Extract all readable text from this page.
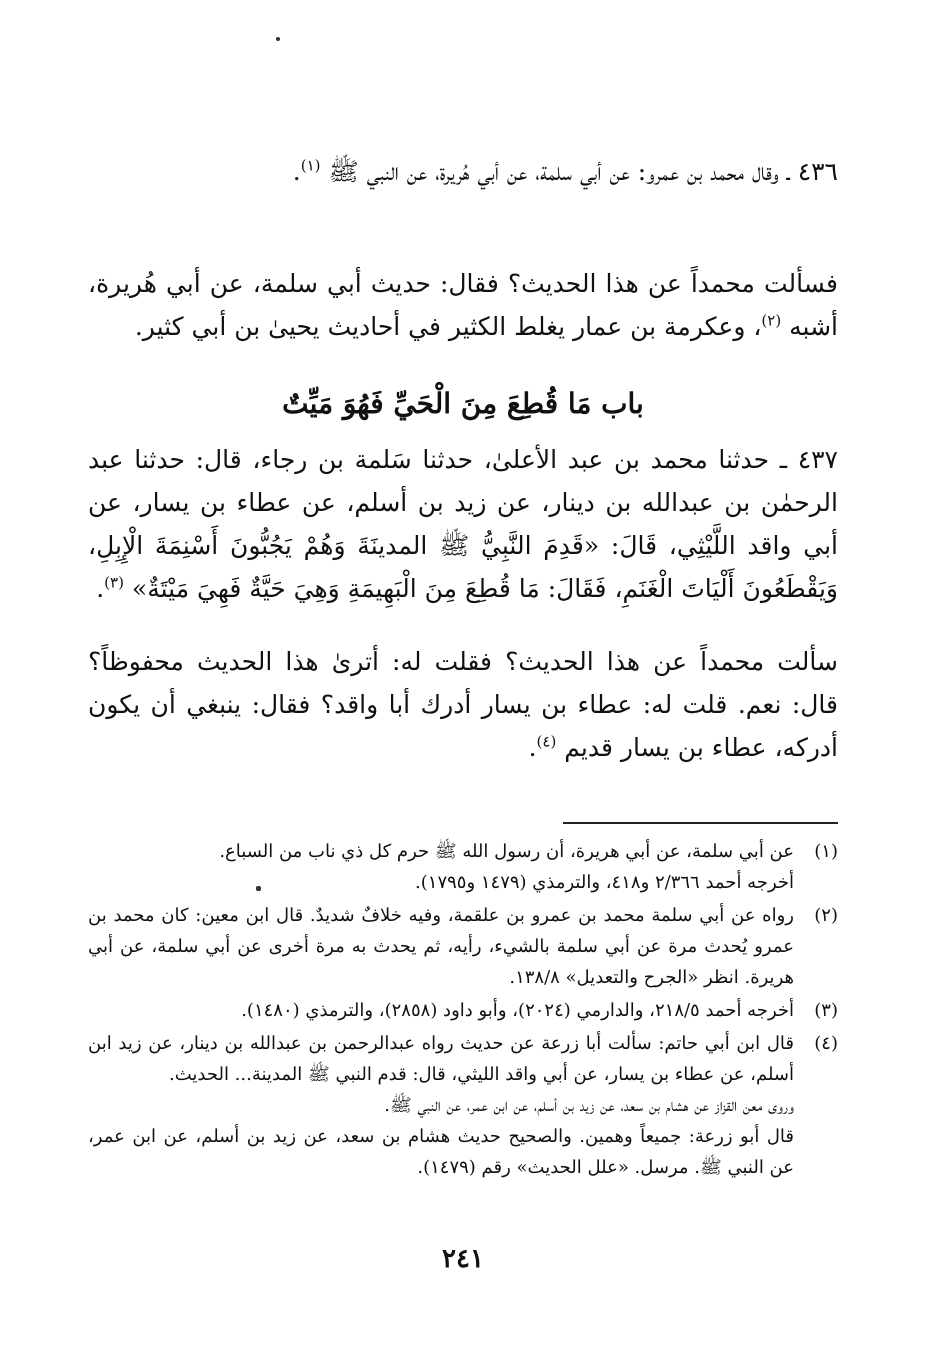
٤٣٦ ـ وقال محمد بن عمرو: عن أبي سلمة، عن أبي هُريرة، عن النبي ﷺ $^{(١)}$.

فسألت محمداً عن هذا الحديث؟ فقال: حديث أبي سلمة، عن أبي هُريرة، أشبه $^{(٢)}$، وعكرمة بن عمار يغلط الكثير في أحاديث يحيىٰ بن أبي كثير.

باب مَا قُطِعَ مِنَ الْحَيِّ فَهُوَ مَيِّتٌ

٤٣٧ ـ حدثنا محمد بن عبد الأعلىٰ، حدثنا سَلمة بن رجاء، قال: حدثنا عبد الرحمٰن بن عبدالله بن دينار، عن زيد بن أسلم، عن عطاء بن يسار، عن أبي واقد اللَّيْثِي، قَالَ: «قَدِمَ النَّبِيُّ ﷺ المدينَةَ وَهُمْ يَجُبُّونَ أَسْنِمَةَ الْإِبِلِ، وَيَقْطَعُونَ أَلْيَاتَ الْغَنَمِ، فَقَالَ: مَا قُطِعَ مِنَ الْبَهِيمَةِ وَهِيَ حَيَّةٌ فَهِيَ مَيْتَةٌ» $^{(٣)}$.

سألت محمداً عن هذا الحديث؟ فقلت له: أترىٰ هذا الحديث محفوظاً؟ قال: نعم. قلت له: عطاء بن يسار أدرك أبا واقد؟ فقال: ينبغي أن يكون أدركه، عطاء بن يسار قديم $^{(٤)}$.

(١)
عن أبي سلمة، عن أبي هريرة، أن رسول الله ﷺ حرم كل ذي ناب من السباع.
أخرجه أحمد ٢/٣٦٦ و٤١٨، والترمذي (١٤٧٩ و١٧٩٥).
(٢)
رواه عن أبي سلمة محمد بن عمرو بن علقمة، وفيه خلافٌ شديدٌ. قال ابن معين: كان محمد بن عمرو يُحدث مرة عن أبي سلمة بالشيء، رأيه، ثم يحدث به مرة أخرى عن أبي سلمة، عن أبي هريرة. انظر «الجرح والتعديل» ١٣٨/٨.
(٣)
أخرجه أحمد ٢١٨/٥، والدارمي (٢٠٢٤)، وأبو داود (٢٨٥٨)، والترمذي (١٤٨٠).
(٤)
قال ابن أبي حاتم: سألت أبا زرعة عن حديث رواه عبدالرحمن بن عبدالله بن دينار، عن زيد ابن أسلم، عن عطاء بن يسار، عن أبي واقد الليثي، قال: قدم النبي ﷺ المدينة... الحديث.
وروى معن القزاز عن هشام بن سعد، عن زيد بن أسلم، عن ابن عمر، عن النبي ﷺ.
قال أبو زرعة: جميعاً وهمين. والصحيح حديث هشام بن سعد، عن زيد بن أسلم، عن ابن عمر، عن النبي ﷺ. مرسل. «علل الحديث» رقم (١٤٧٩).
٢٤١
